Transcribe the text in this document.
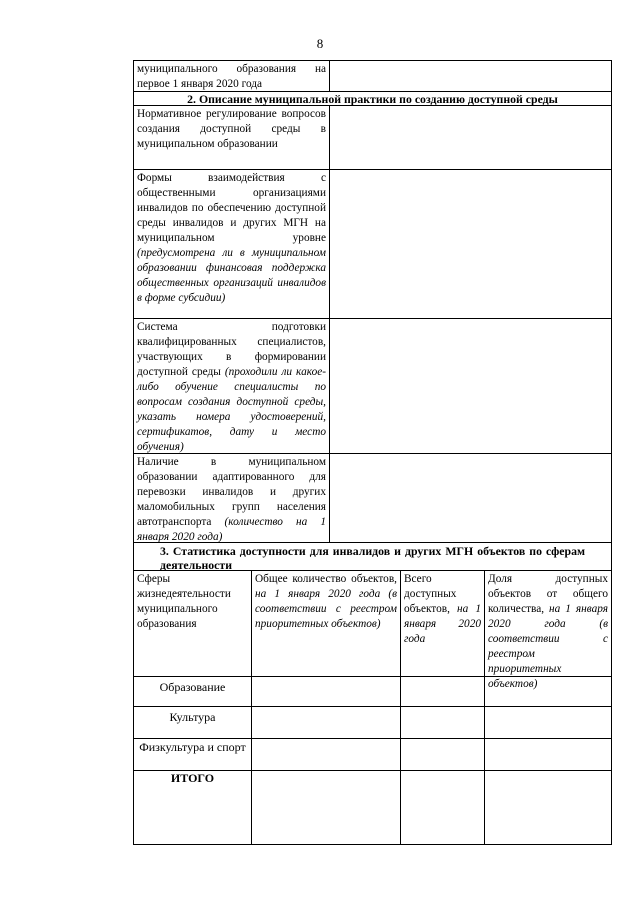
8
муниципального образования на первое 1 января 2020 года
2. Описание муниципальной практики по созданию доступной среды
Нормативное регулирование вопросов создания доступной среды в муниципальном образовании
Формы взаимодействия с общественными организациями инвалидов по обеспечению доступной среды инвалидов и других МГН на муниципальном уровне (предусмотрена ли в муниципальном образовании финансовая поддержка общественных организаций инвалидов в форме субсидии)
Система подготовки квалифицированных специалистов, участвующих в формировании доступной среды (проходили ли какое-либо обучение специалисты по вопросам создания доступной среды, указать номера удостоверений, сертификатов, дату и место обучения)
Наличие в муниципальном образовании адаптированного для перевозки инвалидов и других маломобильных групп населения автотранспорта (количество на 1 января 2020 года)
3. Статистика доступности для инвалидов и других МГН объектов по сферам деятельности
Сферы жизнедеятельности муниципального образования
Общее количество объектов, на 1 января 2020 года (в соответствии с реестром приоритетных объектов)
Всего доступных объектов, на 1 января 2020 года
Доля доступных объектов от общего количества, на 1 января 2020 года (в соответствии с реестром приоритетных объектов)
Образование
Культура
Физкультура и спорт
ИТОГО
